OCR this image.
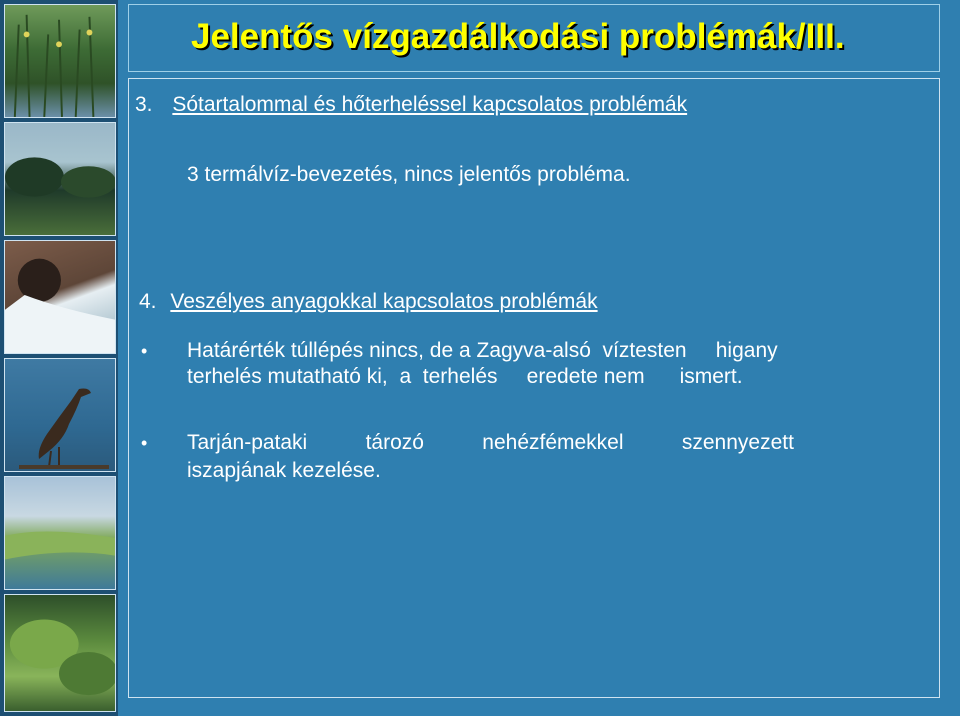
Jelentős vízgazdálkodási problémák/III.
3. Sótartalommal és hőterheléssel kapcsolatos problémák
3 termálvíz-bevezetés, nincs jelentős probléma.
4. Veszélyes anyagokkal kapcsolatos problémák
• Határérték túllépés nincs, de a Zagyva-alsó  víztesten     higany
terhelés mutatható ki,  a  terhelés     eredete nem      ismert.
• Tarján-pataki          tározó          nehézfémekkel          szennyezett
iszapjának kezelése.
